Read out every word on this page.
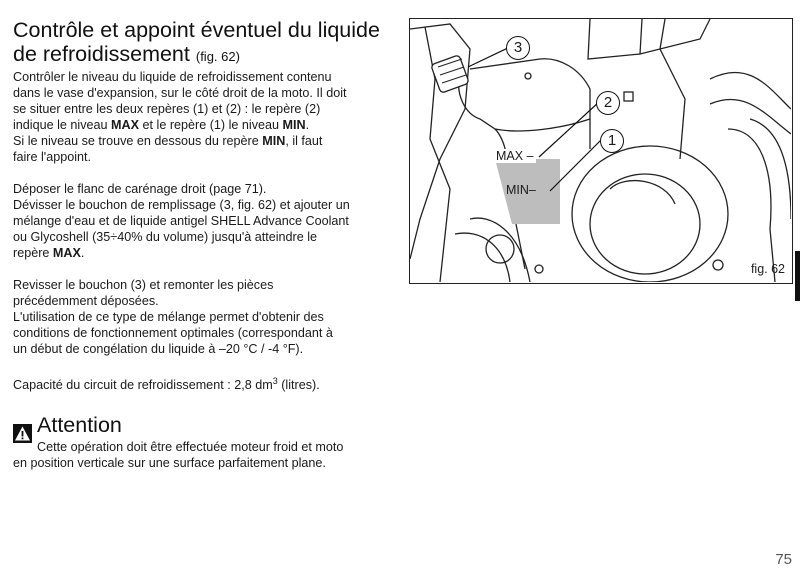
Contrôle et appoint éventuel du liquide
de refroidissement (fig. 62)

Contrôler le niveau du liquide de refroidissement contenu

dans le vase d'expansion, sur le côté droit de la moto. Il doit

se situer entre les deux repères (1) et (2) : le repère (2)

indique le niveau MAX et le repère (1) le niveau MIN.

Si le niveau se trouve en dessous du repère MIN, il faut

faire l'appoint.

Déposer le flanc de carénage droit (page 71).

Dévisser le bouchon de remplissage (3, fig. 62) et ajouter un

mélange d'eau et de liquide antigel SHELL Advance Coolant

ou Glycoshell (35÷40% du volume) jusqu'à atteindre le

repère MAX.

Revisser le bouchon (3) et remonter les pièces

précédemment déposées.

L'utilisation de ce type de mélange permet d'obtenir des

conditions de fonctionnement optimales (correspondant à

un début de congélation du liquide à –20 °C / -4 °F).

Capacité du circuit de refroidissement : 2,8 $dm^3$ (litres).

Attention
Cette opération doit être effectuée moteur froid et moto
en position verticale sur une surface parfaitement plane.
3
2
1
MAX –
MIN–
fig. 62
75
